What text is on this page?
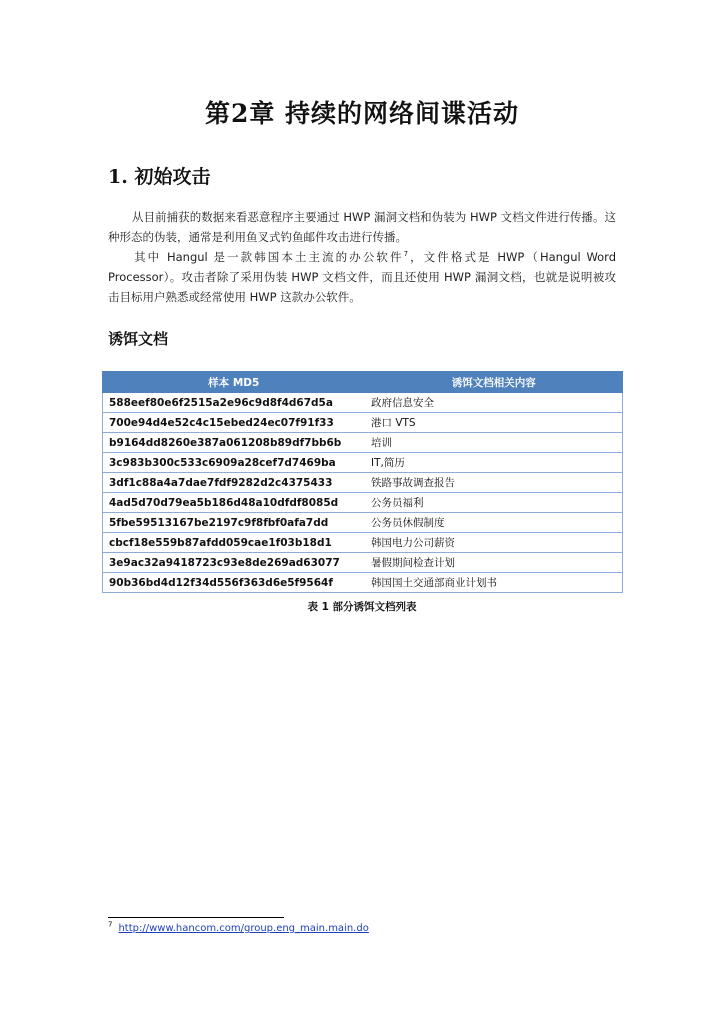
第2章 持续的网络间谍活动
1. 初始攻击
从目前捕获的数据来看恶意程序主要通过 HWP 漏洞文档和伪装为 HWP 文档文件进行传播。这种形态的伪装，通常是利用鱼叉式钓鱼邮件攻击进行传播。
其中 Hangul 是一款韩国本土主流的办公软件$^7$，文件格式是 HWP（Hangul Word Processor）。攻击者除了采用伪装 HWP 文档文件，而且还使用 HWP 漏洞文档，也就是说明被攻击目标用户熟悉或经常使用 HWP 这款办公软件。
诱饵文档
样本 MD5	诱饵文档相关内容
588eef80e6f2515a2e96c9d8f4d67d5a	政府信息安全
700e94d4e52c4c15ebed24ec07f91f33	港口 VTS
b9164dd8260e387a061208b89df7bb6b	培训
3c983b300c533c6909a28cef7d7469ba	IT,简历
3df1c88a4a7dae7fdf9282d2c4375433	铁路事故调查报告
4ad5d70d79ea5b186d48a10dfdf8085d	公务员福利
5fbe59513167be2197c9f8fbf0afa7dd	公务员休假制度
cbcf18e559b87afdd059cae1f03b18d1	韩国电力公司薪资
3e9ac32a9418723c93e8de269ad63077	暑假期间检查计划
90b36bd4d12f34d556f363d6e5f9564f	韩国国土交通部商业计划书
表 1 部分诱饵文档列表
$^7$ http://www.hancom.com/group.eng_main.main.do
